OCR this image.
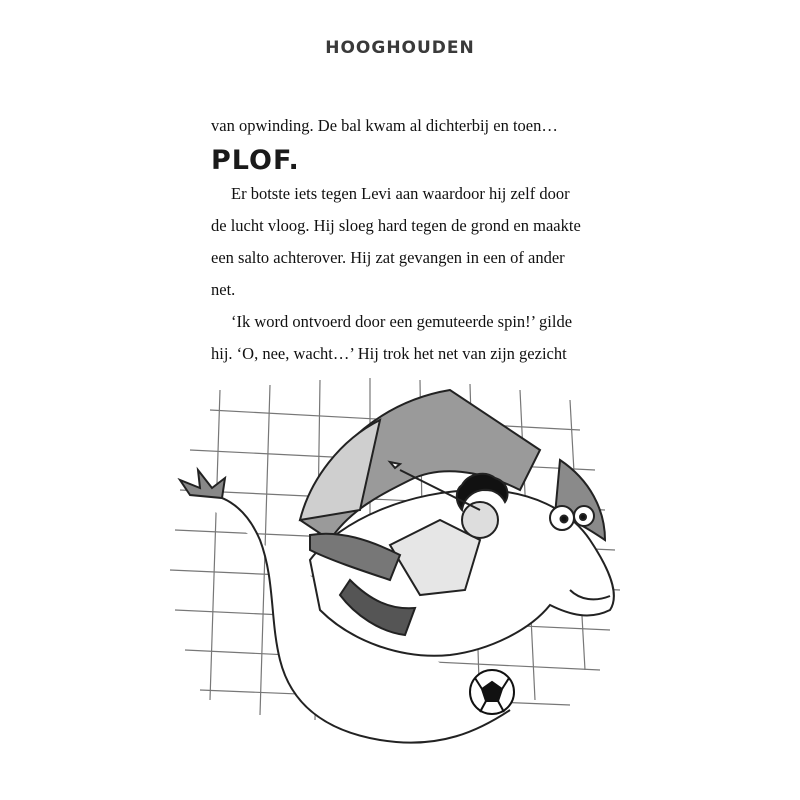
HOOGHOUDEN
van opwinding. De bal kwam al dichterbij en toen…
PLOF.
Er botste iets tegen Levi aan waardoor hij zelf door
de lucht vloog. Hij sloeg hard tegen de grond en maakte
een salto achterover. Hij zat gevangen in een of ander
net.
‘Ik word ontvoerd door een gemuteerde spin!’ gilde
hij. ‘O, nee, wacht…’ Hij trok het net van zijn gezicht
